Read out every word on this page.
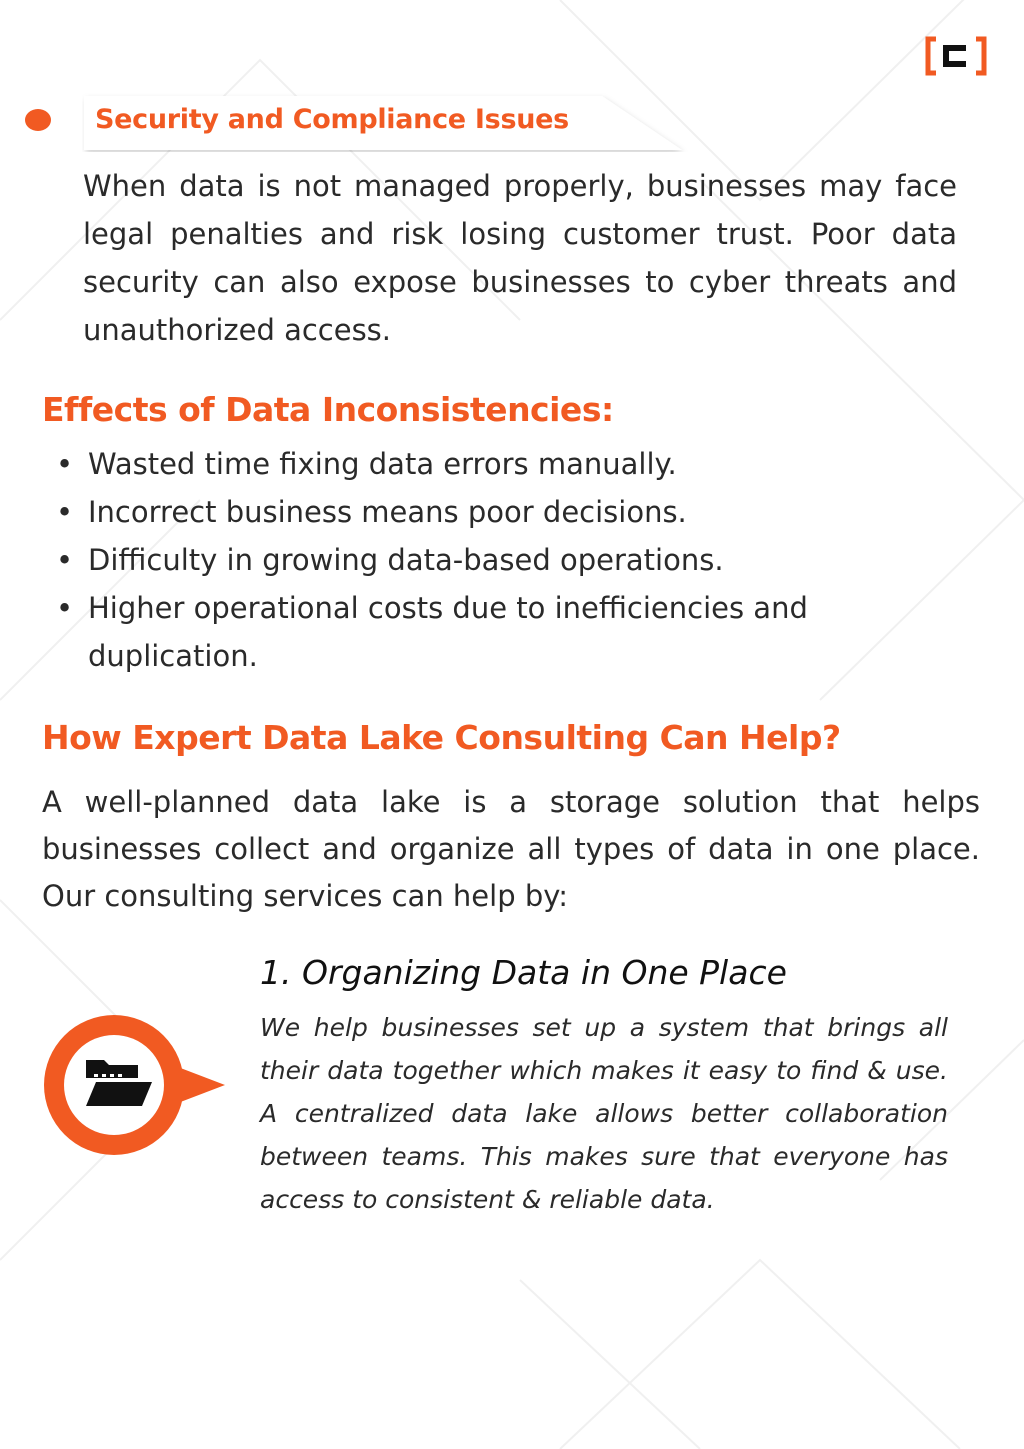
Security and Compliance Issues

When data is not managed properly, businesses may face legal penalties and risk losing customer trust. Poor data security can also expose businesses to cyber threats and unauthorized access.

Effects of Data Inconsistencies:
• Wasted time fixing data errors manually.
• Incorrect business means poor decisions.
• Difficulty in growing data-based operations.
• Higher operational costs due to inefficiencies and duplication.
How Expert Data Lake Consulting Can Help?

A well-planned data lake is a storage solution that helps businesses collect and organize all types of data in one place. Our consulting services can help by:

1. Organizing Data in One Place

We help businesses set up a system that brings all their data together which makes it easy to find & use. A centralized data lake allows better collaboration between teams. This makes sure that everyone has access to consistent & reliable data.
